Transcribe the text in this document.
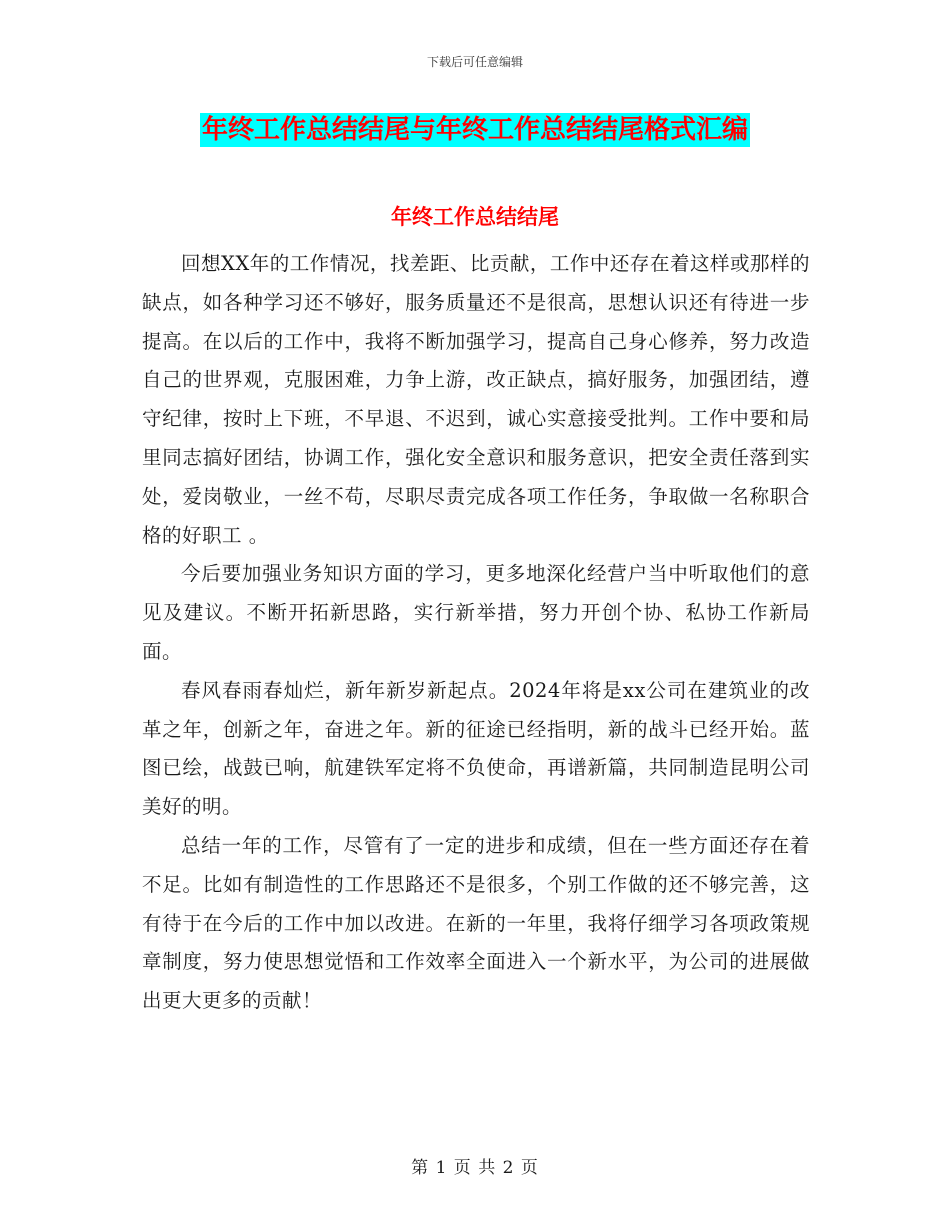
下载后可任意编辑
年终工作总结结尾与年终工作总结结尾格式汇编
年终工作总结结尾

回想XX年的工作情况，找差距、比贡献，工作中还存在着这样或那样的缺点，如各种学习还不够好，服务质量还不是很高，思想认识还有待进一步提高。在以后的工作中，我将不断加强学习，提高自己身心修养，努力改造自己的世界观，克服困难，力争上游，改正缺点，搞好服务，加强团结，遵守纪律，按时上下班，不早退、不迟到，诚心实意接受批判。工作中要和局里同志搞好团结，协调工作，强化安全意识和服务意识，把安全责任落到实处，爱岗敬业，一丝不苟，尽职尽责完成各项工作任务，争取做一名称职合格的好职工 。

今后要加强业务知识方面的学习，更多地深化经营户当中听取他们的意见及建议。不断开拓新思路，实行新举措，努力开创个协、私协工作新局面。

春风春雨春灿烂，新年新岁新起点。2024年将是xx公司在建筑业的改革之年，创新之年，奋进之年。新的征途已经指明，新的战斗已经开始。蓝图已绘，战鼓已响，航建铁军定将不负使命，再谱新篇，共同制造昆明公司美好的明。

总结一年的工作，尽管有了一定的进步和成绩，但在一些方面还存在着不足。比如有制造性的工作思路还不是很多，个别工作做的还不够完善，这有待于在今后的工作中加以改进。在新的一年里，我将仔细学习各项政策规章制度，努力使思想觉悟和工作效率全面进入一个新水平，为公司的进展做出更大更多的贡献！

第 1 页 共 2 页
